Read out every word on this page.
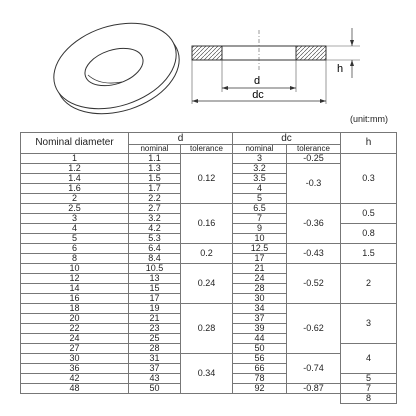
d
dc
h
(unit:mm)
Nominal diameter	d		dc		h
	nominal	tolerance	nominal	tolerance	
1	1.1	0.12	3	-0.25	0.3
1.2	1.3		3.2	-0.3	
1.4	1.5		3.5		
1.6	1.7		4		
2	2.2		5		
2.5	2.7	0.16	6.5	-0.36	0.5
3	3.2		7		
4	4.2		9		0.8
5	5.3		10		
6	6.4	0.2	12.5	-0.43	1.5
8	8.4		17		
10	10.5	0.24	21	-0.52	2
12	13		24		
14	15		28		
16	17		30		
18	19	0.28	34	-0.62	3
20	21		37		
22	23		39		
24	25		44		
27	28		50		4
30	31	0.34	56	-0.74	
36	37		66		
42	43		78		5
48	50		92	-0.87	7
					8
